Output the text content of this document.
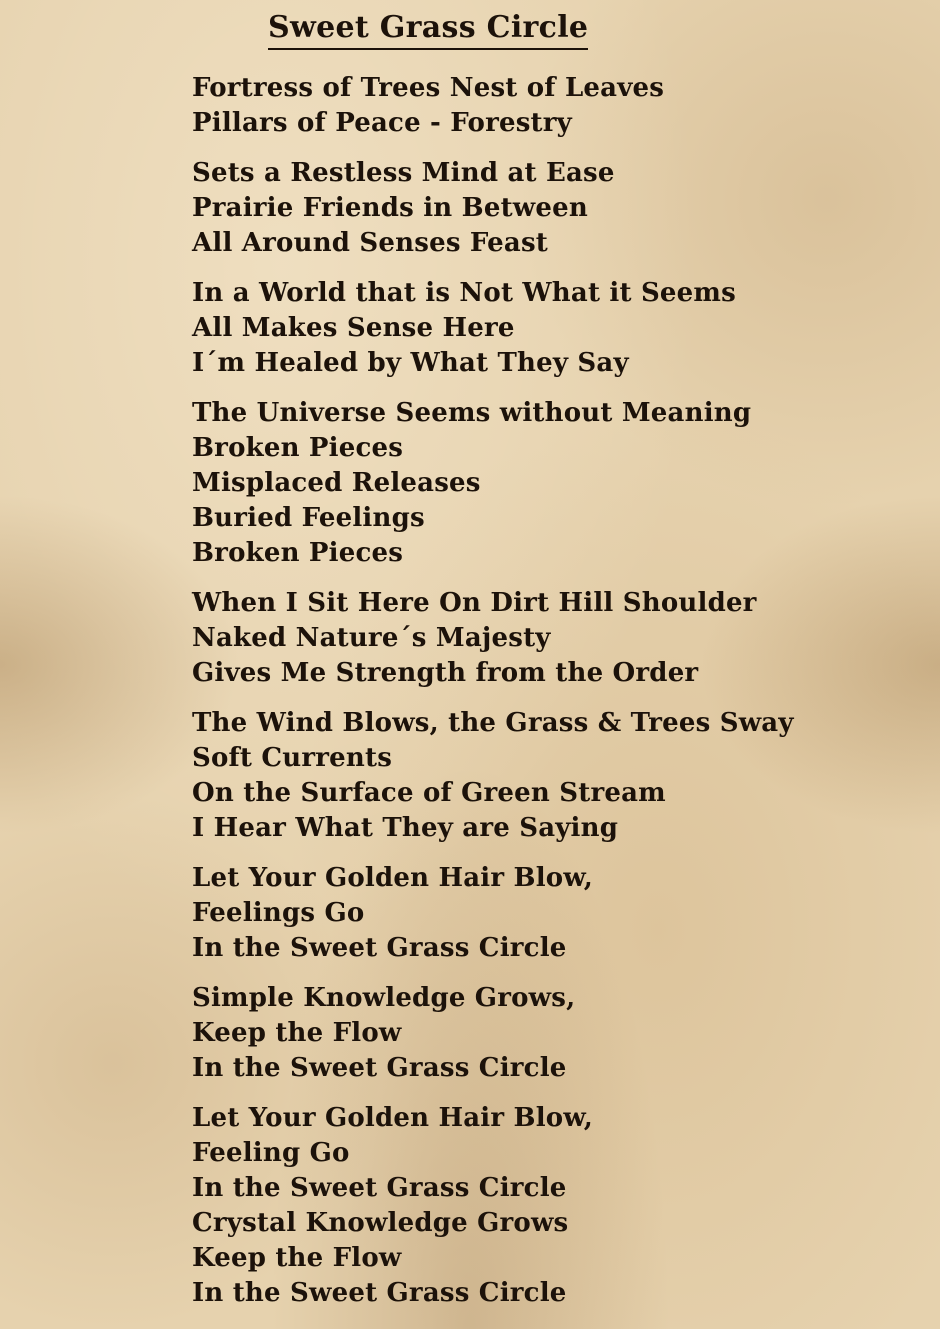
Sweet Grass Circle
Fortress of Trees Nest of Leaves
Pillars of Peace - Forestry
Sets a Restless Mind at Ease
Prairie Friends in Between
All Around Senses Feast
In a World that is Not What it Seems
All Makes Sense Here
I´m Healed by What They Say
The Universe Seems without Meaning
Broken Pieces
Misplaced Releases
Buried Feelings
Broken Pieces
When I Sit Here On Dirt Hill Shoulder
Naked Nature´s Majesty
Gives Me Strength from the Order
The Wind Blows, the Grass & Trees Sway
Soft Currents
On the Surface of Green Stream
I Hear What They are Saying
Let Your Golden Hair Blow,
Feelings Go
In the Sweet Grass Circle
Simple Knowledge Grows,
Keep the Flow
In the Sweet Grass Circle
Let Your Golden Hair Blow,
Feeling Go
In the Sweet Grass Circle
Crystal Knowledge Grows
Keep the Flow
In the Sweet Grass Circle
